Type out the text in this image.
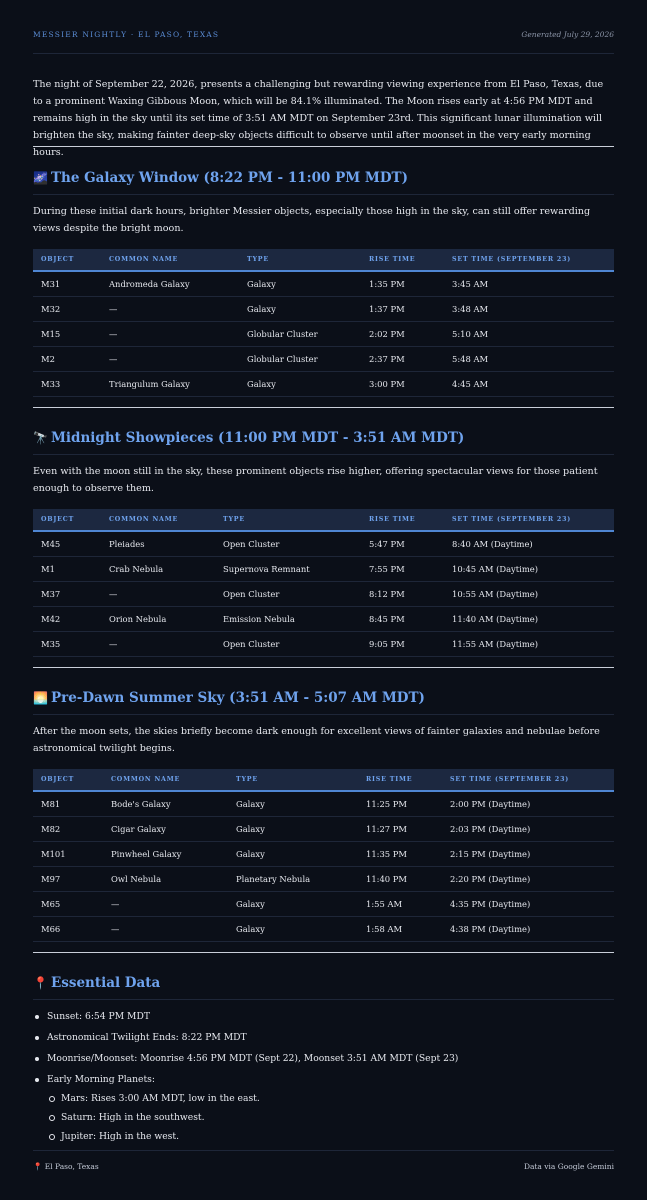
MESSIER NIGHTLY · EL PASO, TEXAS	Generated July 29, 2026

The night of September 22, 2026, presents a challenging but rewarding viewing experience from El Paso, Texas, due to a prominent Waxing Gibbous Moon, which will be 84.1% illuminated. The Moon rises early at 4:56 PM MDT and remains high in the sky until its set time of 3:51 AM MDT on September 23rd. This significant lunar illumination will brighten the sky, making fainter deep-sky objects difficult to observe until after moonset in the very early morning hours.

🌌 The Galaxy Window (8:22 PM - 11:00 PM MDT)

During these initial dark hours, brighter Messier objects, especially those high in the sky, can still offer rewarding views despite the bright moon.

OBJECT	COMMON NAME	TYPE	RISE TIME	SET TIME (SEPTEMBER 23)
M31	Andromeda Galaxy	Galaxy	1:35 PM	3:45 AM
M32	—	Galaxy	1:37 PM	3:48 AM
M15	—	Globular Cluster	2:02 PM	5:10 AM
M2	—	Globular Cluster	2:37 PM	5:48 AM
M33	Triangulum Galaxy	Galaxy	3:00 PM	4:45 AM
🔭 Midnight Showpieces (11:00 PM MDT - 3:51 AM MDT)

Even with the moon still in the sky, these prominent objects rise higher, offering spectacular views for those patient enough to observe them.

OBJECT	COMMON NAME	TYPE	RISE TIME	SET TIME (SEPTEMBER 23)
M45	Pleiades	Open Cluster	5:47 PM	8:40 AM (Daytime)
M1	Crab Nebula	Supernova Remnant	7:55 PM	10:45 AM (Daytime)
M37	—	Open Cluster	8:12 PM	10:55 AM (Daytime)
M42	Orion Nebula	Emission Nebula	8:45 PM	11:40 AM (Daytime)
M35	—	Open Cluster	9:05 PM	11:55 AM (Daytime)
🌅 Pre-Dawn Summer Sky (3:51 AM - 5:07 AM MDT)

After the moon sets, the skies briefly become dark enough for excellent views of fainter galaxies and nebulae before astronomical twilight begins.

OBJECT	COMMON NAME	TYPE	RISE TIME	SET TIME (SEPTEMBER 23)
M81	Bode's Galaxy	Galaxy	11:25 PM	2:00 PM (Daytime)
M82	Cigar Galaxy	Galaxy	11:27 PM	2:03 PM (Daytime)
M101	Pinwheel Galaxy	Galaxy	11:35 PM	2:15 PM (Daytime)
M97	Owl Nebula	Planetary Nebula	11:40 PM	2:20 PM (Daytime)
M65	—	Galaxy	1:55 AM	4:35 PM (Daytime)
M66	—	Galaxy	1:58 AM	4:38 PM (Daytime)
📍 Essential Data
Sunset: 6:54 PM MDT
Astronomical Twilight Ends: 8:22 PM MDT
Moonrise/Moonset: Moonrise 4:56 PM MDT (Sept 22), Moonset 3:51 AM MDT (Sept 23)
Early Morning Planets:
Mars: Rises 3:00 AM MDT, low in the east.
Saturn: High in the southwest.
Jupiter: High in the west.
📍 El Paso, Texas	Data via Google Gemini
